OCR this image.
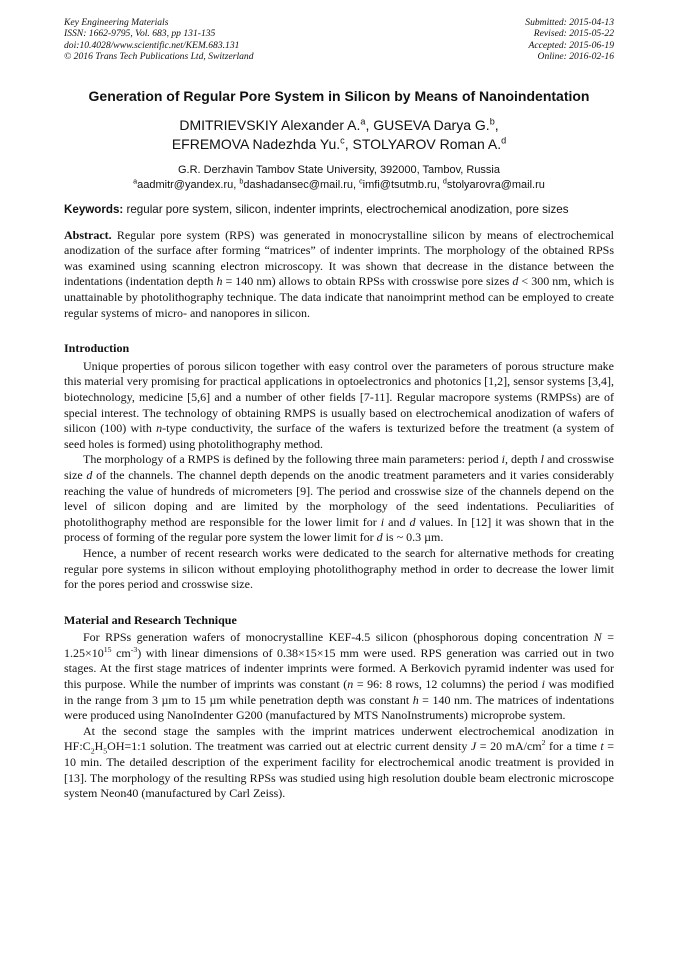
Key Engineering Materials
ISSN: 1662-9795, Vol. 683, pp 131-135
doi:10.4028/www.scientific.net/KEM.683.131
© 2016 Trans Tech Publications Ltd, Switzerland
Submitted: 2015-04-13
Revised: 2015-05-22
Accepted: 2015-06-19
Online: 2016-02-16
Generation of Regular Pore System in Silicon by Means of Nanoindentation
DMITRIEVSKIY Alexander A.$^a$, GUSEVA Darya G.$^b$,
EFREMOVA Nadezhda Yu.$^c$, STOLYAROV Roman A.$^d$
G.R. Derzhavin Tambov State University, 392000, Tambov, Russia
$^a$aadmitr@yandex.ru, $^b$dashadansec@mail.ru, $^c$imfi@tsutmb.ru, $^d$stolyarovra@mail.ru
Keywords: regular pore system, silicon, indenter imprints, electrochemical anodization, pore sizes

Abstract. Regular pore system (RPS) was generated in monocrystalline silicon by means of electrochemical anodization of the surface after forming “matrices” of indenter imprints. The morphology of the obtained RPSs was examined using scanning electron microscopy. It was shown that decrease in the distance between the indentations (indentation depth h = 140 nm) allows to obtain RPSs with crosswise pore sizes d < 300 nm, which is unattainable by photolithography technique. The data indicate that nanoimprint method can be employed to create regular systems of micro- and nanopores in silicon.

Introduction

Unique properties of porous silicon together with easy control over the parameters of porous structure make this material very promising for practical applications in optoelectronics and photonics [1,2], sensor systems [3,4], biotechnology, medicine [5,6] and a number of other fields [7-11]. Regular macropore systems (RMPSs) are of special interest. The technology of obtaining RMPS is usually based on electrochemical anodization of wafers of silicon (100) with n-type conductivity, the surface of the wafers is texturized before the treatment (a system of seed holes is formed) using photolithography method.

The morphology of a RMPS is defined by the following three main parameters: period i, depth l and crosswise size d of the channels. The channel depth depends on the anodic treatment parameters and it varies considerably reaching the value of hundreds of micrometers [9]. The period and crosswise size of the channels depend on the level of silicon doping and are limited by the morphology of the seed indentations. Peculiarities of photolithography method are responsible for the lower limit for i and d values. In [12] it was shown that in the process of forming of the regular pore system the lower limit for d is ~ 0.3 µm.

Hence, a number of recent research works were dedicated to the search for alternative methods for creating regular pore systems in silicon without employing photolithography method in order to decrease the lower limit for the pores period and crosswise size.

Material and Research Technique

For RPSs generation wafers of monocrystalline KEF-4.5 silicon (phosphorous doping concentration $N = 1.25\times 10^{15}$ $cm^{-3}$) with linear dimensions of 0.38×15×15 mm were used. RPS generation was carried out in two stages. At the first stage matrices of indenter imprints were formed. A Berkovich pyramid indenter was used for this purpose. While the number of imprints was constant (n = 96: 8 rows, 12 columns) the period i was modified in the range from 3 µm to 15 µm while penetration depth was constant h = 140 nm. The matrices of indentations were produced using NanoIndenter G200 (manufactured by MTS NanoInstruments) microprobe system.

At the second stage the samples with the imprint matrices underwent electrochemical anodization in $HF:C_2H_5OH=1:1$ solution. The treatment was carried out at electric current density J = 20 $mA/cm^2$ for a time t = 10 min. The detailed description of the experiment facility for electrochemical anodic treatment is provided in [13]. The morphology of the resulting RPSs was studied using high resolution double beam electronic microscope system Neon40 (manufactured by Carl Zeiss).
